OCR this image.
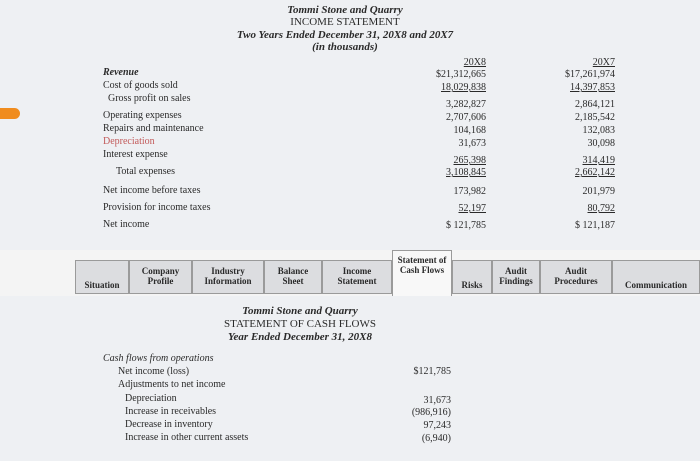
Tommi Stone and Quarry
INCOME STATEMENT
Two Years Ended December 31, 20X8 and 20X7
(in thousands)
20X8	20X7
Revenue
Cost of goods sold
Gross profit on sales
Operating expenses
Repairs and maintenance
Depreciation
Interest expense
Total expenses
Net income before taxes
Provision for income taxes
Net income
$21,312,665
18,029,838
3,282,827
2,707,606
104,168
31,673
265,398
3,108,845
173,982
52,197
$ 121,785
$17,261,974
14,397,853
2,864,121
2,185,542
132,083
30,098
314,419
2,662,142
201,979
80,792
$ 121,187
Situation
Company
Profile
Industry
Information
Balance
Sheet
Income
Statement
Statement of Cash Flows
Risks
Audit
Findings
Audit
Procedures	Communication
Tommi Stone and Quarry
STATEMENT OF CASH FLOWS
Year Ended December 31, 20X8
Cash flows from operations
Net income (loss)
Adjustments to net income
Depreciation
Increase in receivables
Decrease in inventory
Increase in other current assets
$121,785
31,673
(986,916)
97,243
(6,940)
